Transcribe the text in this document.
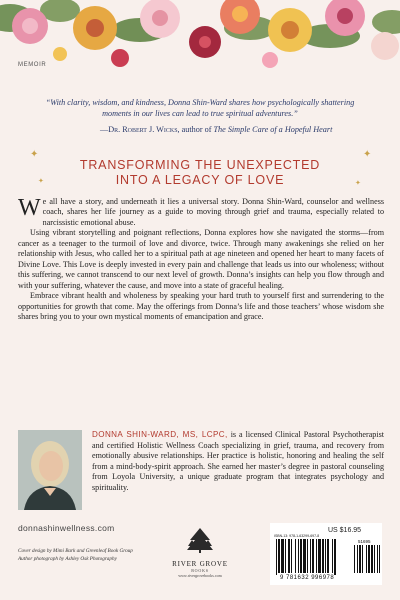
MEMOIR
“With clarity, wisdom, and kindness, Donna Shin-Ward shares how psychologically shattering moments in our lives can lead to true spiritual adventures.”
—Dr. Robert J. Wicks, author of The Simple Care of a Hopeful Heart
✦	✦
✦	✦
TRANSFORMING THE UNEXPECTED
INTO A LEGACY OF LOVE

We all have a story, and underneath it lies a universal story. Donna Shin-Ward, counselor and wellness coach, shares her life journey as a guide to moving through grief and trauma, especially related to narcissistic emotional abuse.

Using vibrant storytelling and poignant reflections, Donna explores how she navigated the storms—from cancer as a teenager to the turmoil of love and divorce, twice. Through many awakenings she relied on her relationship with Jesus, who called her to a spiritual path at age nineteen and opened her heart to many facets of Divine Love. This Love is deeply invested in every pain and challenge that leads us into our wholeness; without this suffering, we cannot transcend to our next level of growth. Donna’s insights can help you flow through and with your suffering, whatever the cause, and move into a state of graceful healing.

Embrace vibrant health and wholeness by speaking your hard truth to yourself first and surrendering to the opportunities for growth that come. May the offerings from Donna’s life and those teachers’ whose wisdom she shares bring you to your own mystical moments of emancipation and grace.

DONNA SHIN-WARD, MS, LCPC, is a licensed Clinical Pastoral Psychotherapist and certified Holistic Wellness Coach specializing in grief, trauma, and recovery from emotionally abusive relationships. Her practice is holistic, honoring and healing the self from a mind-body-spirit approach. She earned her master’s degree in pastoral counseling from Loyola University, a unique graduate program that integrates psychology and spirituality.
donnashinwellness.com
Cover design by Mimi Bark and Greenleaf Book Group
Author photograph by Ashley Osk Photography
RIVER GROVE
BOOKS
www.rivergrovebooks.com
ISBN-13: 978-1-63299-697-8
51695
9 781632 996978
US $16.95
